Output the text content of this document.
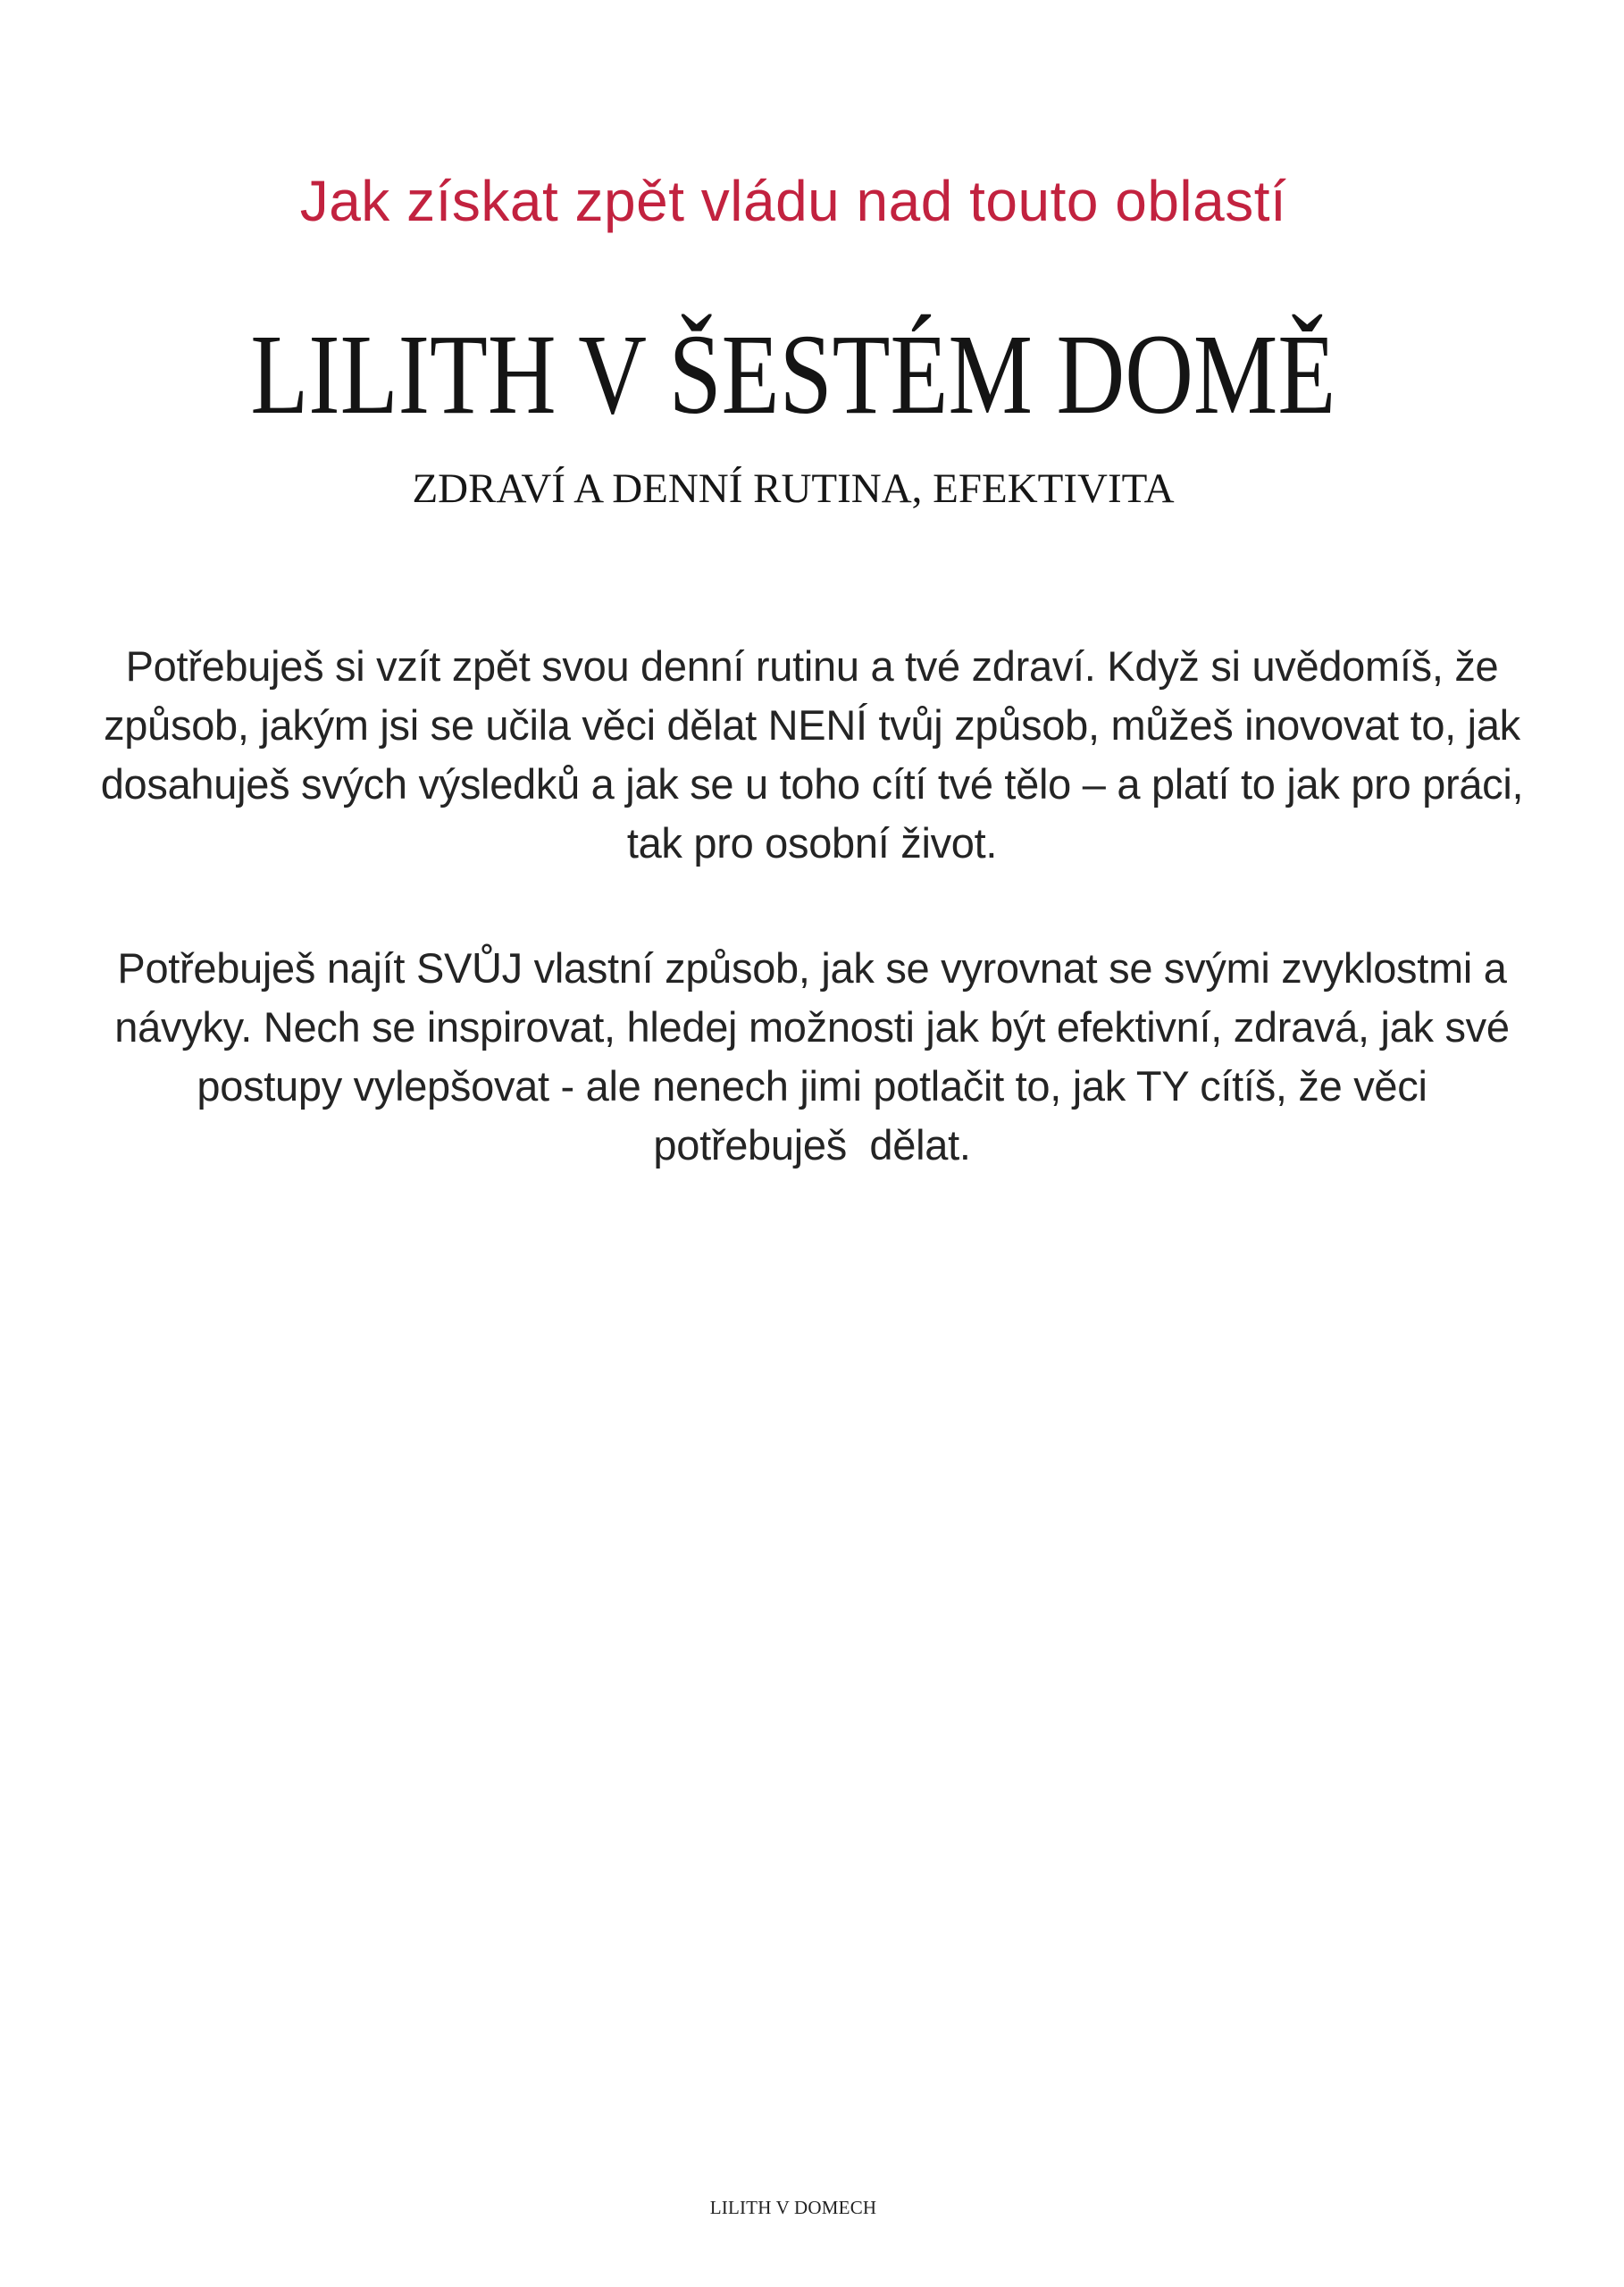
Jak získat zpět vládu nad touto oblastí
LILITH V ŠESTÉM DOMĚ
ZDRAVÍ A DENNÍ RUTINA, EFEKTIVITA
LILITH V DOMECH

Potřebuješ si vzít zpět svou denní rutinu a tvé zdraví. Když si uvědomíš, že
způsob, jakým jsi se učila věci dělat NENÍ tvůj způsob, můžeš inovovat to, jak
dosahuješ svých výsledků a jak se u toho cítí tvé tělo – a platí to jak pro práci,
tak pro osobní život.

Potřebuješ najít SVŮJ vlastní způsob, jak se vyrovnat se svými zvyklostmi a
návyky. Nech se inspirovat, hledej možnosti jak být efektivní, zdravá, jak své
postupy vylepšovat - ale nenech jimi potlačit to, jak TY cítíš, že věci
potřebuješ  dělat.
